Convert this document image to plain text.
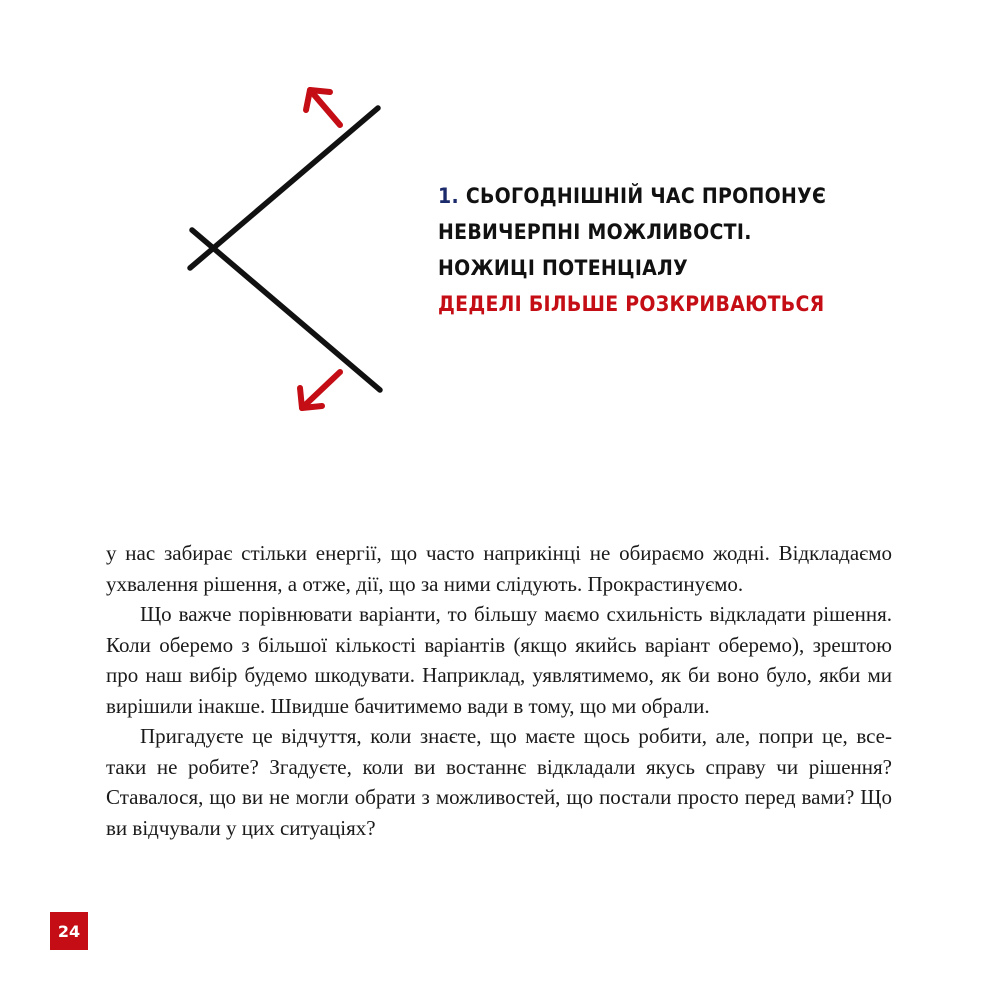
1. СЬОГОДНІШНІЙ ЧАС ПРОПОНУЄ
НЕВИЧЕРПНІ МОЖЛИВОСТІ.
НОЖИЦІ ПОТЕНЦІАЛУ
ДЕДЕЛІ БІЛЬШЕ РОЗКРИВАЮТЬСЯ

у нас забирає стільки енергії, що часто наприкінці не обираємо жодні. Відкладаємо ухвалення рішення, а отже, дії, що за ними слідують. Прокрастинуємо.

Що важче порівнювати варіанти, то більшу маємо схильність відкладати рішення. Коли оберемо з більшої кількості варіантів (якщо якийсь варіант оберемо), зрештою про наш вибір будемо шкодувати. Наприклад, уявлятимемо, як би воно було, якби ми вирішили інакше. Швидше бачитимемо вади в тому, що ми обрали.

Пригадуєте це відчуття, коли знаєте, що маєте щось робити, але, попри це, все-таки не робите? Згадуєте, коли ви востаннє відкладали якусь справу чи рішення? Ставалося, що ви не могли обрати з можливостей, що постали просто перед вами? Що ви відчували у цих ситуаціях?

24
